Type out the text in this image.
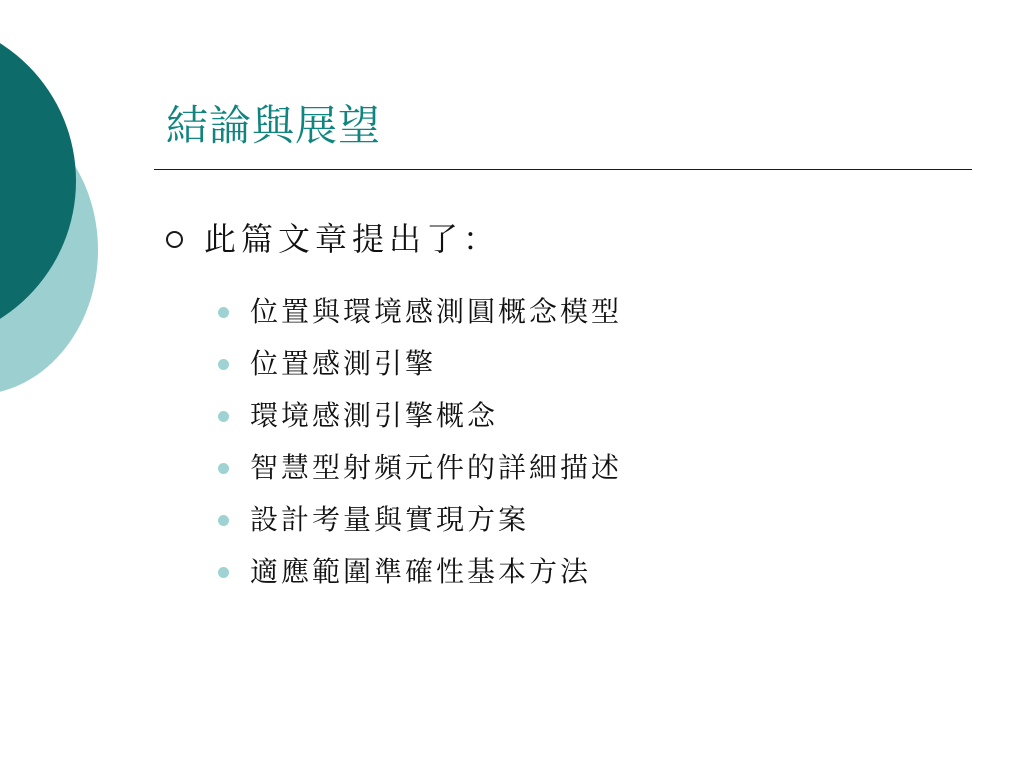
結論與展望
此篇文章提出了：
位置與環境感測圓概念模型
位置感測引擎
環境感測引擎概念
智慧型射頻元件的詳細描述
設計考量與實現方案
適應範圍準確性基本方法
